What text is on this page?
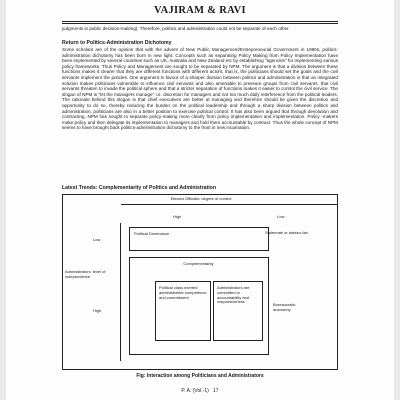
VAJIRAM & RAVI
judgments in public decision-making). Therefore, politics and administration could not be separate of each other.
Return to Politics-Administration Dichotomy
Some scholars are of the opinion that with the advent of New Public Management/Entrepreneurial Government in 1990s, politics-administration dichotomy has been born in new light. Concepts such as separating Policy Making from Policy Implementation have been implemented by several countries such as UK, Australia and New Zealand etc by establishing "agencies" for implementing various policy frameworks. Thus Policy and Management are sought to be separated by NPM. The argument is that a division between these functions makes it clearer that they are different functions with different actors, that is, the politicians should set the goals and the civil servants implement the policies. One argument in favour of a sharper division between politics and administration is that an integrated solution makes politicians vulnerable to influence civil servants and also amenable to pressure groups from civil servants, that civil servants threaten to invade the political sphere and that a stricter separation of functions makes it easier to control the civil service. The slogan of NPM is "let the managers manage" i.e. discretion for managers and not too much daily interference from the political leaders. The rationale behind this slogan is that chief executives are better at managing and therefore should be given the discretion and opportunity to do so, thereby reducing the burden on the political leadership and through a sharp division between politics and administration, politicians are also in a better position to exercise political control. It has also been argued that through devolution and contracting, NPM has sought to separate policy-making more clearly from policy implementation and implementation. Policy -makers make policy and then delegate its implementation to managers and hold them accountable by contract. Thus the whole concept of NPM seems to have brought back politics-administration dichotomy to the front in new incarnation.
Latest Trends: Complementarity of Politics and Administration
Elected Officials: degree of control
High	Low
Low
Administrators: level of independence
High
Political Dominance	Stalemate or laissez-fair
Complementarity
Political class exerted administrative competence and commitment
Administrators are committed to accountability and responsiveness
Bureaucratic autonomy
Fig: Interaction among Politicians and Administrators
P. A. (Vol.-1) 17
